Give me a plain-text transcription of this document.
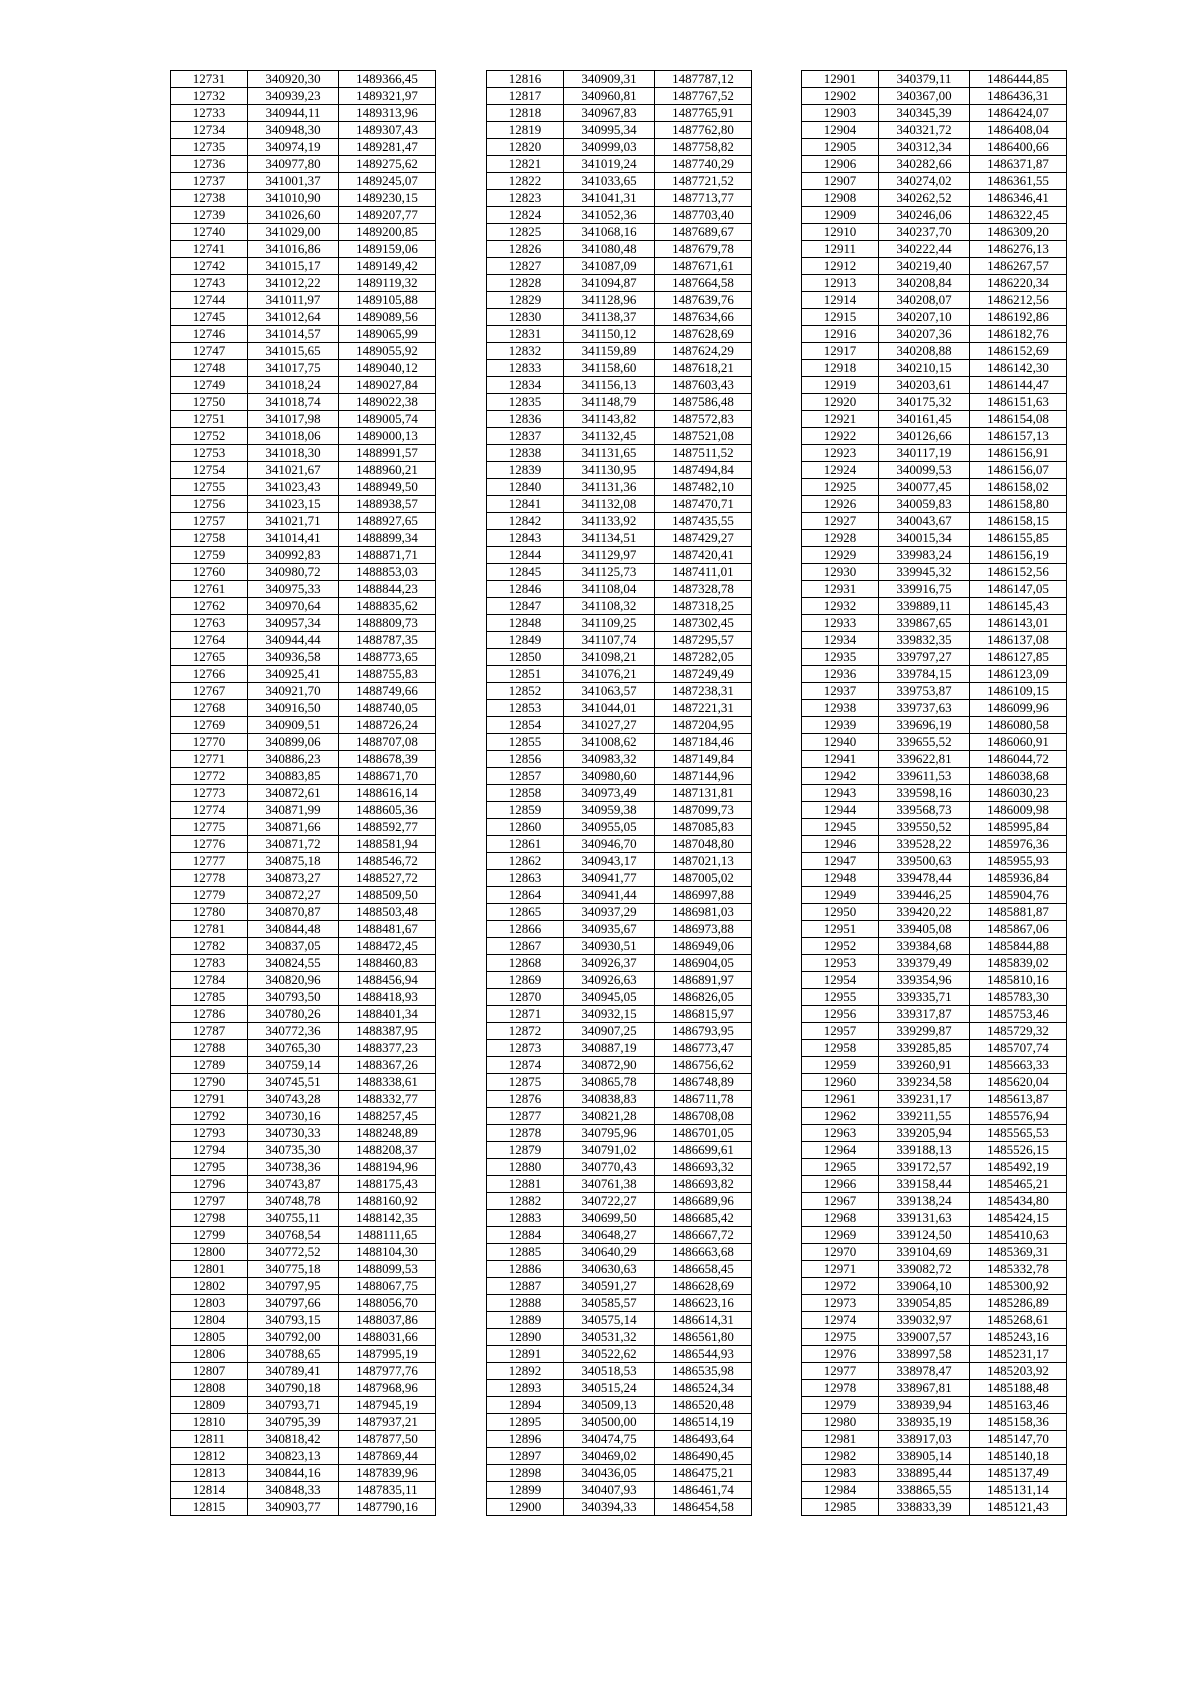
12731	340920,30	1489366,45
12732	340939,23	1489321,97
12733	340944,11	1489313,96
12734	340948,30	1489307,43
12735	340974,19	1489281,47
12736	340977,80	1489275,62
12737	341001,37	1489245,07
12738	341010,90	1489230,15
12739	341026,60	1489207,77
12740	341029,00	1489200,85
12741	341016,86	1489159,06
12742	341015,17	1489149,42
12743	341012,22	1489119,32
12744	341011,97	1489105,88
12745	341012,64	1489089,56
12746	341014,57	1489065,99
12747	341015,65	1489055,92
12748	341017,75	1489040,12
12749	341018,24	1489027,84
12750	341018,74	1489022,38
12751	341017,98	1489005,74
12752	341018,06	1489000,13
12753	341018,30	1488991,57
12754	341021,67	1488960,21
12755	341023,43	1488949,50
12756	341023,15	1488938,57
12757	341021,71	1488927,65
12758	341014,41	1488899,34
12759	340992,83	1488871,71
12760	340980,72	1488853,03
12761	340975,33	1488844,23
12762	340970,64	1488835,62
12763	340957,34	1488809,73
12764	340944,44	1488787,35
12765	340936,58	1488773,65
12766	340925,41	1488755,83
12767	340921,70	1488749,66
12768	340916,50	1488740,05
12769	340909,51	1488726,24
12770	340899,06	1488707,08
12771	340886,23	1488678,39
12772	340883,85	1488671,70
12773	340872,61	1488616,14
12774	340871,99	1488605,36
12775	340871,66	1488592,77
12776	340871,72	1488581,94
12777	340875,18	1488546,72
12778	340873,27	1488527,72
12779	340872,27	1488509,50
12780	340870,87	1488503,48
12781	340844,48	1488481,67
12782	340837,05	1488472,45
12783	340824,55	1488460,83
12784	340820,96	1488456,94
12785	340793,50	1488418,93
12786	340780,26	1488401,34
12787	340772,36	1488387,95
12788	340765,30	1488377,23
12789	340759,14	1488367,26
12790	340745,51	1488338,61
12791	340743,28	1488332,77
12792	340730,16	1488257,45
12793	340730,33	1488248,89
12794	340735,30	1488208,37
12795	340738,36	1488194,96
12796	340743,87	1488175,43
12797	340748,78	1488160,92
12798	340755,11	1488142,35
12799	340768,54	1488111,65
12800	340772,52	1488104,30
12801	340775,18	1488099,53
12802	340797,95	1488067,75
12803	340797,66	1488056,70
12804	340793,15	1488037,86
12805	340792,00	1488031,66
12806	340788,65	1487995,19
12807	340789,41	1487977,76
12808	340790,18	1487968,96
12809	340793,71	1487945,19
12810	340795,39	1487937,21
12811	340818,42	1487877,50
12812	340823,13	1487869,44
12813	340844,16	1487839,96
12814	340848,33	1487835,11
12815	340903,77	1487790,16
12816	340909,31	1487787,12
12817	340960,81	1487767,52
12818	340967,83	1487765,91
12819	340995,34	1487762,80
12820	340999,03	1487758,82
12821	341019,24	1487740,29
12822	341033,65	1487721,52
12823	341041,31	1487713,77
12824	341052,36	1487703,40
12825	341068,16	1487689,67
12826	341080,48	1487679,78
12827	341087,09	1487671,61
12828	341094,87	1487664,58
12829	341128,96	1487639,76
12830	341138,37	1487634,66
12831	341150,12	1487628,69
12832	341159,89	1487624,29
12833	341158,60	1487618,21
12834	341156,13	1487603,43
12835	341148,79	1487586,48
12836	341143,82	1487572,83
12837	341132,45	1487521,08
12838	341131,65	1487511,52
12839	341130,95	1487494,84
12840	341131,36	1487482,10
12841	341132,08	1487470,71
12842	341133,92	1487435,55
12843	341134,51	1487429,27
12844	341129,97	1487420,41
12845	341125,73	1487411,01
12846	341108,04	1487328,78
12847	341108,32	1487318,25
12848	341109,25	1487302,45
12849	341107,74	1487295,57
12850	341098,21	1487282,05
12851	341076,21	1487249,49
12852	341063,57	1487238,31
12853	341044,01	1487221,31
12854	341027,27	1487204,95
12855	341008,62	1487184,46
12856	340983,32	1487149,84
12857	340980,60	1487144,96
12858	340973,49	1487131,81
12859	340959,38	1487099,73
12860	340955,05	1487085,83
12861	340946,70	1487048,80
12862	340943,17	1487021,13
12863	340941,77	1487005,02
12864	340941,44	1486997,88
12865	340937,29	1486981,03
12866	340935,67	1486973,88
12867	340930,51	1486949,06
12868	340926,37	1486904,05
12869	340926,63	1486891,97
12870	340945,05	1486826,05
12871	340932,15	1486815,97
12872	340907,25	1486793,95
12873	340887,19	1486773,47
12874	340872,90	1486756,62
12875	340865,78	1486748,89
12876	340838,83	1486711,78
12877	340821,28	1486708,08
12878	340795,96	1486701,05
12879	340791,02	1486699,61
12880	340770,43	1486693,32
12881	340761,38	1486693,82
12882	340722,27	1486689,96
12883	340699,50	1486685,42
12884	340648,27	1486667,72
12885	340640,29	1486663,68
12886	340630,63	1486658,45
12887	340591,27	1486628,69
12888	340585,57	1486623,16
12889	340575,14	1486614,31
12890	340531,32	1486561,80
12891	340522,62	1486544,93
12892	340518,53	1486535,98
12893	340515,24	1486524,34
12894	340509,13	1486520,48
12895	340500,00	1486514,19
12896	340474,75	1486493,64
12897	340469,02	1486490,45
12898	340436,05	1486475,21
12899	340407,93	1486461,74
12900	340394,33	1486454,58
12901	340379,11	1486444,85
12902	340367,00	1486436,31
12903	340345,39	1486424,07
12904	340321,72	1486408,04
12905	340312,34	1486400,66
12906	340282,66	1486371,87
12907	340274,02	1486361,55
12908	340262,52	1486346,41
12909	340246,06	1486322,45
12910	340237,70	1486309,20
12911	340222,44	1486276,13
12912	340219,40	1486267,57
12913	340208,84	1486220,34
12914	340208,07	1486212,56
12915	340207,10	1486192,86
12916	340207,36	1486182,76
12917	340208,88	1486152,69
12918	340210,15	1486142,30
12919	340203,61	1486144,47
12920	340175,32	1486151,63
12921	340161,45	1486154,08
12922	340126,66	1486157,13
12923	340117,19	1486156,91
12924	340099,53	1486156,07
12925	340077,45	1486158,02
12926	340059,83	1486158,80
12927	340043,67	1486158,15
12928	340015,34	1486155,85
12929	339983,24	1486156,19
12930	339945,32	1486152,56
12931	339916,75	1486147,05
12932	339889,11	1486145,43
12933	339867,65	1486143,01
12934	339832,35	1486137,08
12935	339797,27	1486127,85
12936	339784,15	1486123,09
12937	339753,87	1486109,15
12938	339737,63	1486099,96
12939	339696,19	1486080,58
12940	339655,52	1486060,91
12941	339622,81	1486044,72
12942	339611,53	1486038,68
12943	339598,16	1486030,23
12944	339568,73	1486009,98
12945	339550,52	1485995,84
12946	339528,22	1485976,36
12947	339500,63	1485955,93
12948	339478,44	1485936,84
12949	339446,25	1485904,76
12950	339420,22	1485881,87
12951	339405,08	1485867,06
12952	339384,68	1485844,88
12953	339379,49	1485839,02
12954	339354,96	1485810,16
12955	339335,71	1485783,30
12956	339317,87	1485753,46
12957	339299,87	1485729,32
12958	339285,85	1485707,74
12959	339260,91	1485663,33
12960	339234,58	1485620,04
12961	339231,17	1485613,87
12962	339211,55	1485576,94
12963	339205,94	1485565,53
12964	339188,13	1485526,15
12965	339172,57	1485492,19
12966	339158,44	1485465,21
12967	339138,24	1485434,80
12968	339131,63	1485424,15
12969	339124,50	1485410,63
12970	339104,69	1485369,31
12971	339082,72	1485332,78
12972	339064,10	1485300,92
12973	339054,85	1485286,89
12974	339032,97	1485268,61
12975	339007,57	1485243,16
12976	338997,58	1485231,17
12977	338978,47	1485203,92
12978	338967,81	1485188,48
12979	338939,94	1485163,46
12980	338935,19	1485158,36
12981	338917,03	1485147,70
12982	338905,14	1485140,18
12983	338895,44	1485137,49
12984	338865,55	1485131,14
12985	338833,39	1485121,43
